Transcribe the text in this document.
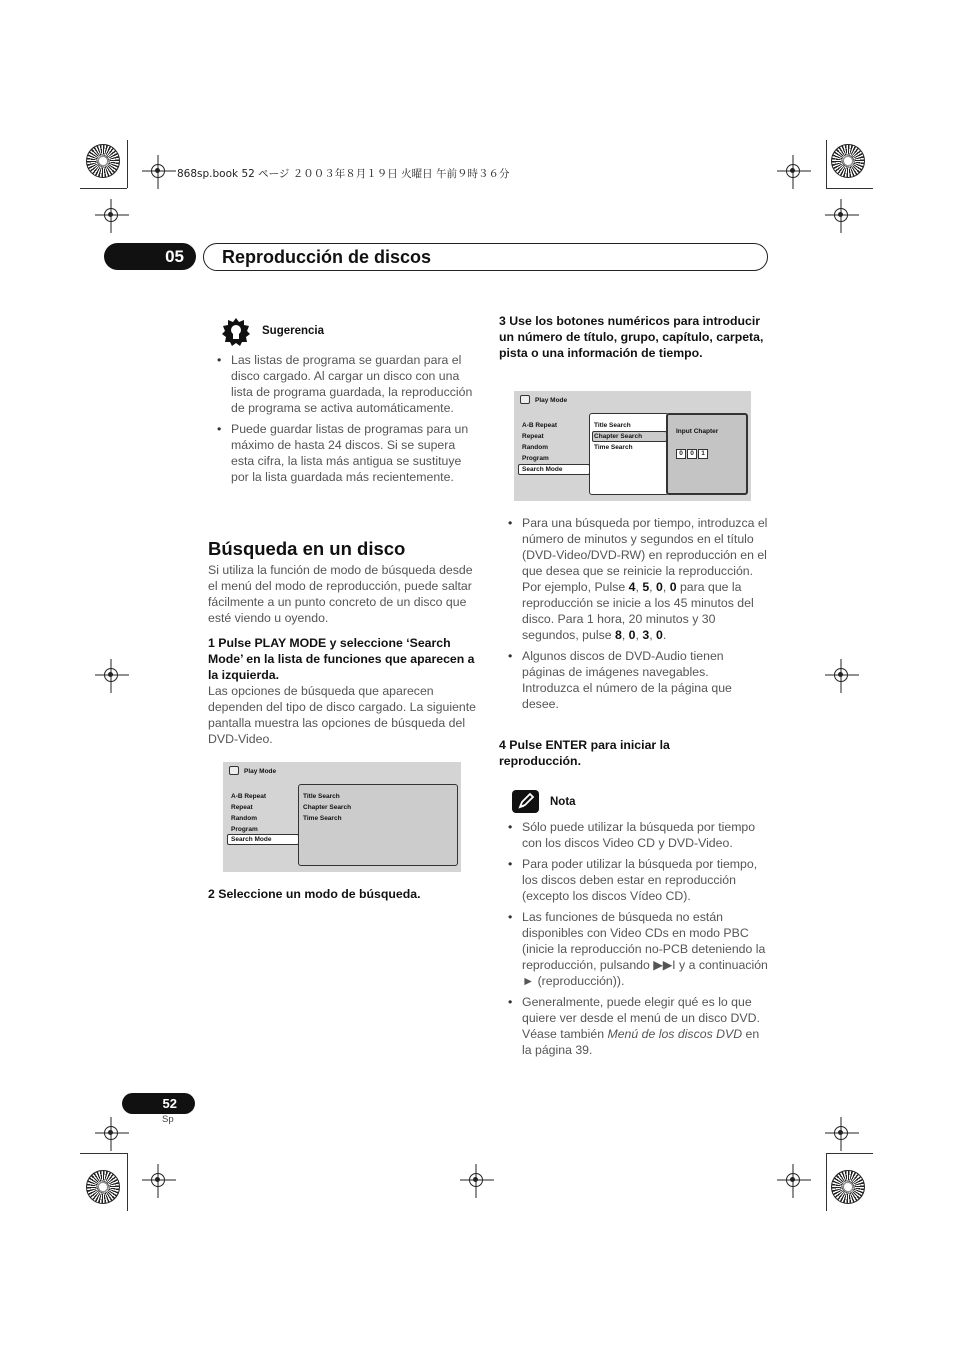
868sp.book 52 ページ ２００３年８月１９日 火曜日 午前９時３６分
05	Reproducción de discos
Sugerencia
• Las listas de programa se guardan para el disco cargado. Al cargar un disco con una lista de programa guardada, la reproducción de programa se activa automáticamente.
• Puede guardar listas de programas para un máximo de hasta 24 discos. Si se supera esta cifra, la lista más antigua se sustituye por la lista guardada más recientemente.
Búsqueda en un disco
Si utiliza la función de modo de búsqueda desde el menú del modo de reproducción, puede saltar fácilmente a un punto concreto de un disco que esté viendo u oyendo.
1 Pulse PLAY MODE y seleccione ‘Search Mode’ en la lista de funciones que aparecen a la izquierda.
Las opciones de búsqueda que aparecen dependen del tipo de disco cargado. La siguiente pantalla muestra las opciones de búsqueda del DVD-Video.
Play Mode
A-B Repeat
Repeat
Random
Program
Search Mode
Title Search
Chapter Search
Time Search
2 Seleccione un modo de búsqueda.
3 Use los botones numéricos para introducir un número de título, grupo, capítulo, carpeta, pista o una información de tiempo.
Play Mode
A-B Repeat
Repeat
Random
Program
Search Mode
Title Search
Chapter Search
Time Search
Input Chapter
0 0 1
• Para una búsqueda por tiempo, introduzca el número de minutos y segundos en el título (DVD-Video/DVD-RW) en reproducción en el que desea que se reinicie la reproducción. Por ejemplo, Pulse 4, 5, 0, 0 para que la reproducción se inicie a los 45 minutos del disco. Para 1 hora, 20 minutos y 30 segundos, pulse 8, 0, 3, 0.
• Algunos discos de DVD-Audio tienen páginas de imágenes navegables. Introduzca el número de la página que desee.
4 Pulse ENTER para iniciar la reproducción.
Nota
• Sólo puede utilizar la búsqueda por tiempo con los discos Video CD y DVD-Video.
• Para poder utilizar la búsqueda por tiempo, los discos deben estar en reproducción (excepto los discos Vídeo CD).
• Las funciones de búsqueda no están disponibles con Video CDs en modo PBC (inicie la reproducción no-PCB deteniendo la reproducción, pulsando ▶▶I y a continuación ► (reproducción)).
• Generalmente, puede elegir qué es lo que quiere ver desde el menú de un disco DVD. Véase también Menú de los discos DVD en la página 39.
52
Sp
